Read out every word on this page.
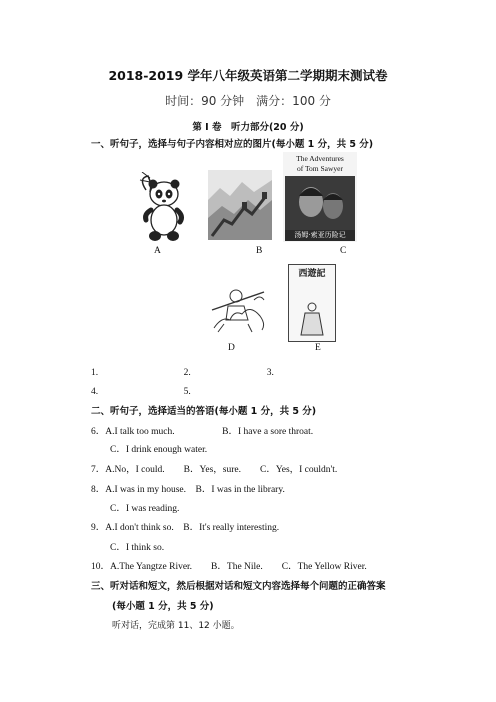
2018-2019 学年八年级英语第二学期期末测试卷
时间：90 分钟　满分：100 分
第 I 卷　听力部分(20 分)
一、听句子，选择与句子内容相对应的图片(每小题 1 分，共 5 分)
The Adventures
of Tom Sawyer
汤姆·索亚历险记
A	B	C
西遊記
D	E
1.　　　　　　　　　2.　　　　　　　　3.
4.　　　　　　　　　5.
二、听句子，选择适当的答语(每小题 1 分，共 5 分)
6．A.I talk too much.　　　　　B．I have a sore throat.
C．I drink enough water.
7．A.No，I could.　　B．Yes，sure.　　C．Yes，I couldn't.
8．A.I was in my house.　B．I was in the library.
C．I was reading.
9．A.I don't think so.　B．It's really interesting.
C．I think so.
10．A.The Yangtze River.　　B．The Nile.　　C．The Yellow River.
三、听对话和短文，然后根据对话和短文内容选择每个问题的正确答案
(每小题 1 分，共 5 分)
听对话，完成第 11、12 小题。
